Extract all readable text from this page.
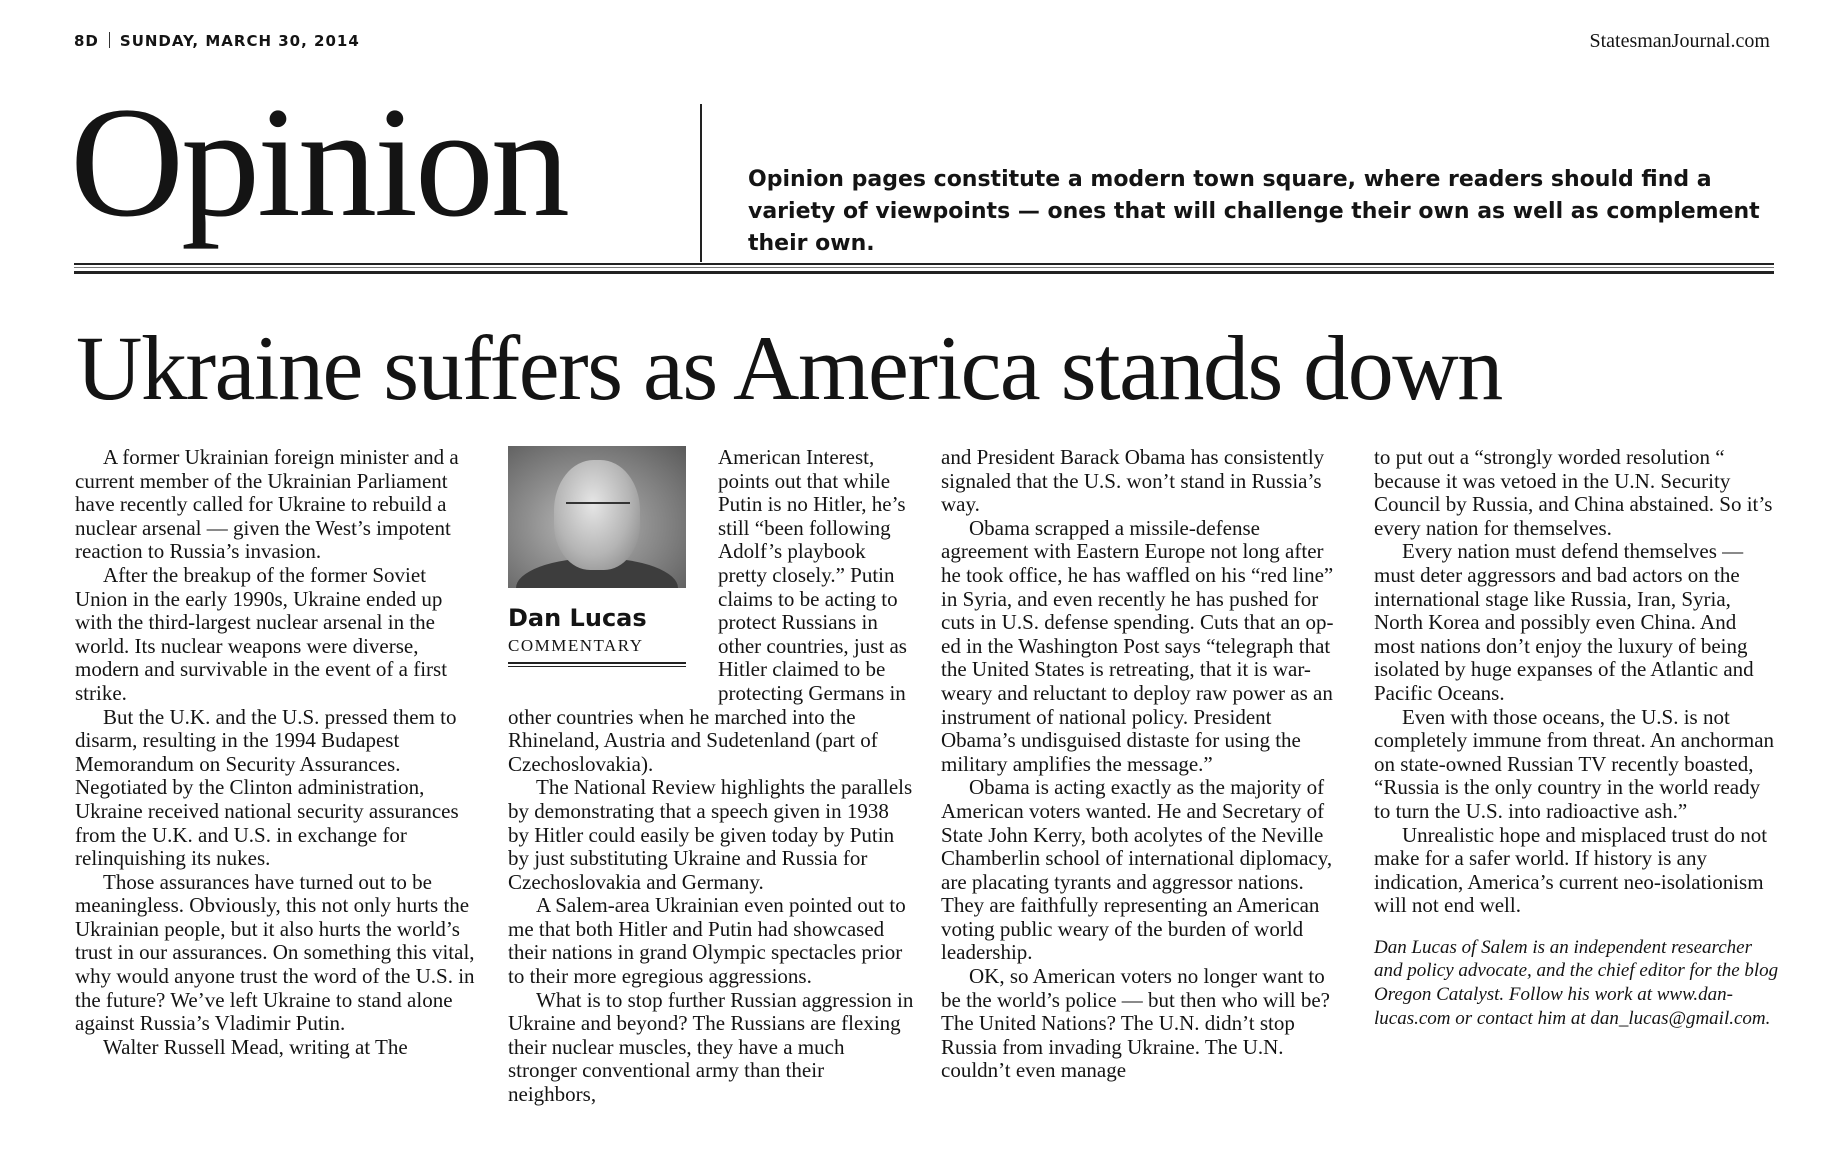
8D SUNDAY, MARCH 30, 2014	StatesmanJournal.com
Opinion	Opinion pages constitute a modern town square, where readers should find a variety of viewpoints — ones that will challenge their own as well as complement their own.
Ukraine suffers as America stands down

A former Ukrainian foreign minister and a current member of the Ukrainian Parliament have recently called for Ukraine to rebuild a nuclear arsenal — given the West’s impotent reaction to Russia’s invasion.

After the breakup of the former Soviet Union in the early 1990s, Ukraine ended up with the third-largest nuclear arsenal in the world. Its nuclear weapons were diverse, modern and survivable in the event of a first strike.

But the U.K. and the U.S. pressed them to disarm, resulting in the 1994 Budapest Memorandum on Security Assurances. Negotiated by the Clinton administration, Ukraine received national security assurances from the U.K. and U.S. in exchange for relinquishing its nukes.

Those assurances have turned out to be meaningless. Obviously, this not only hurts the Ukrainian people, but it also hurts the world’s trust in our assurances. On something this vital, why would anyone trust the word of the U.S. in the future? We’ve left Ukraine to stand alone against Russia’s Vladimir Putin.

Walter Russell Mead, writing at The

Dan Lucas
COMMENTARY

American Interest, points out that while Putin is no Hitler, he’s still “been following Adolf’s playbook pretty closely.” Putin claims to be acting to protect Russians in other countries, just as Hitler claimed to be protecting Germans in other countries when he marched into the Rhineland, Austria and Sudetenland (part of Czechoslovakia).

The National Review highlights the parallels by demonstrating that a speech given in 1938 by Hitler could easily be given today by Putin by just substituting Ukraine and Russia for Czechoslovakia and Germany.

A Salem-area Ukrainian even pointed out to me that both Hitler and Putin had showcased their nations in grand Olympic spectacles prior to their more egregious aggressions.

What is to stop further Russian aggression in Ukraine and beyond? The Russians are flexing their nuclear muscles, they have a much stronger conventional army than their neighbors,

and President Barack Obama has consistently signaled that the U.S. won’t stand in Russia’s way.

Obama scrapped a missile-defense agreement with Eastern Europe not long after he took office, he has waffled on his “red line” in Syria, and even recently he has pushed for cuts in U.S. defense spending. Cuts that an op-ed in the Washington Post says “telegraph that the United States is retreating, that it is war-weary and reluctant to deploy raw power as an instrument of national policy. President Obama’s undisguised distaste for using the military amplifies the message.”

Obama is acting exactly as the majority of American voters wanted. He and Secretary of State John Kerry, both acolytes of the Neville Chamberlin school of international diplomacy, are placating tyrants and aggressor nations. They are faithfully representing an American voting public weary of the burden of world leadership.

OK, so American voters no longer want to be the world’s police — but then who will be? The United Nations? The U.N. didn’t stop Russia from invading Ukraine. The U.N. couldn’t even manage

to put out a “strongly worded resolution “ because it was vetoed in the U.N. Security Council by Russia, and China abstained. So it’s every nation for themselves.

Every nation must defend themselves — must deter aggressors and bad actors on the international stage like Russia, Iran, Syria, North Korea and possibly even China. And most nations don’t enjoy the luxury of being isolated by huge expanses of the Atlantic and Pacific Oceans.

Even with those oceans, the U.S. is not completely immune from threat. An anchorman on state-owned Russian TV recently boasted, “Russia is the only country in the world ready to turn the U.S. into radioactive ash.”

Unrealistic hope and misplaced trust do not make for a safer world. If history is any indication, America’s current neo-isolationism will not end well.

Dan Lucas of Salem is an independent researcher and policy advocate, and the chief editor for the blog Oregon Catalyst. Follow his work at www.dan-lucas.com or contact him at dan_lucas@gmail.com.
